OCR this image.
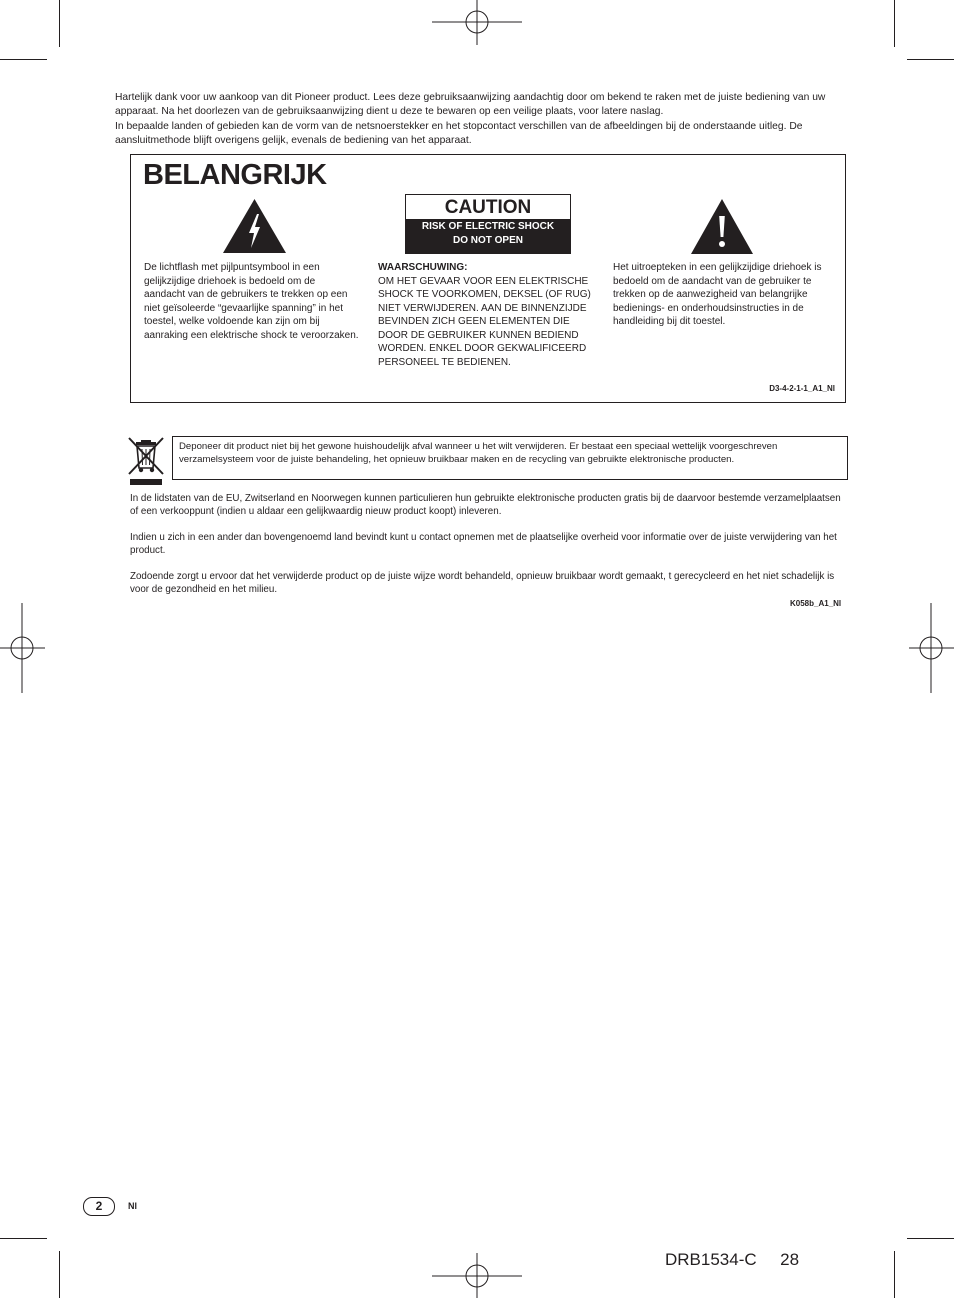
Hartelijk dank voor uw aankoop van dit Pioneer product. Lees deze gebruiksaanwijzing aandachtig door om bekend te raken met de juiste bediening van uw apparaat. Na het doorlezen van de gebruiksaanwijzing dient u deze te bewaren op een veilige plaats, voor latere naslag.

In bepaalde landen of gebieden kan de vorm van de netsnoerstekker en het stopcontact verschillen van de afbeeldingen bij de onderstaande uitleg. De aansluitmethode blijft overigens gelijk, evenals de bediening van het apparaat.

BELANGRIJK
CAUTION
RISK OF ELECTRIC SHOCK
DO NOT OPEN
De lichtflash met pijlpuntsymbool in een gelijkzijdige driehoek is bedoeld om de aandacht van de gebruikers te trekken op een niet geïsoleerde “gevaarlijke spanning” in het toestel, welke voldoende kan zijn om bij aanraking een elektrische shock te veroorzaken.
WAARSCHUWING:
OM HET GEVAAR VOOR EEN ELEKTRISCHE SHOCK TE VOORKOMEN, DEKSEL (OF RUG) NIET VERWIJDEREN. AAN DE BINNENZIJDE BEVINDEN ZICH GEEN ELEMENTEN DIE DOOR DE GEBRUIKER KUNNEN BEDIEND WORDEN. ENKEL DOOR GEKWALIFICEERD PERSONEEL TE BEDIENEN.
Het uitroepteken in een gelijkzijdige driehoek is bedoeld om de aandacht van de gebruiker te trekken op de aanwezigheid van belangrijke bedienings- en onderhoudsinstructies in de handleiding bij dit toestel.
D3-4-2-1-1_A1_Nl
Deponeer dit product niet bij het gewone huishoudelijk afval wanneer u het wilt verwijderen. Er bestaat een speciaal wettelijk voorgeschreven verzamelsysteem voor de juiste behandeling, het opnieuw bruikbaar maken en de recycling van gebruikte elektronische producten.

In de lidstaten van de EU, Zwitserland en Noorwegen kunnen particulieren hun gebruikte elektronische producten gratis bij de daarvoor bestemde verzamelplaatsen of een verkooppunt (indien u aldaar een gelijkwaardig nieuw product koopt) inleveren.

Indien u zich in een ander dan bovengenoemd land bevindt kunt u contact opnemen met de plaatselijke overheid voor informatie over de juiste verwijdering van het product.

Zodoende zorgt u ervoor dat het verwijderde product op de juiste wijze wordt behandeld, opnieuw bruikbaar wordt gemaakt, t gerecycleerd en het niet schadelijk is voor de gezondheid en het milieu.

K058b_A1_Nl
2	Nl
DRB1534-C 28
